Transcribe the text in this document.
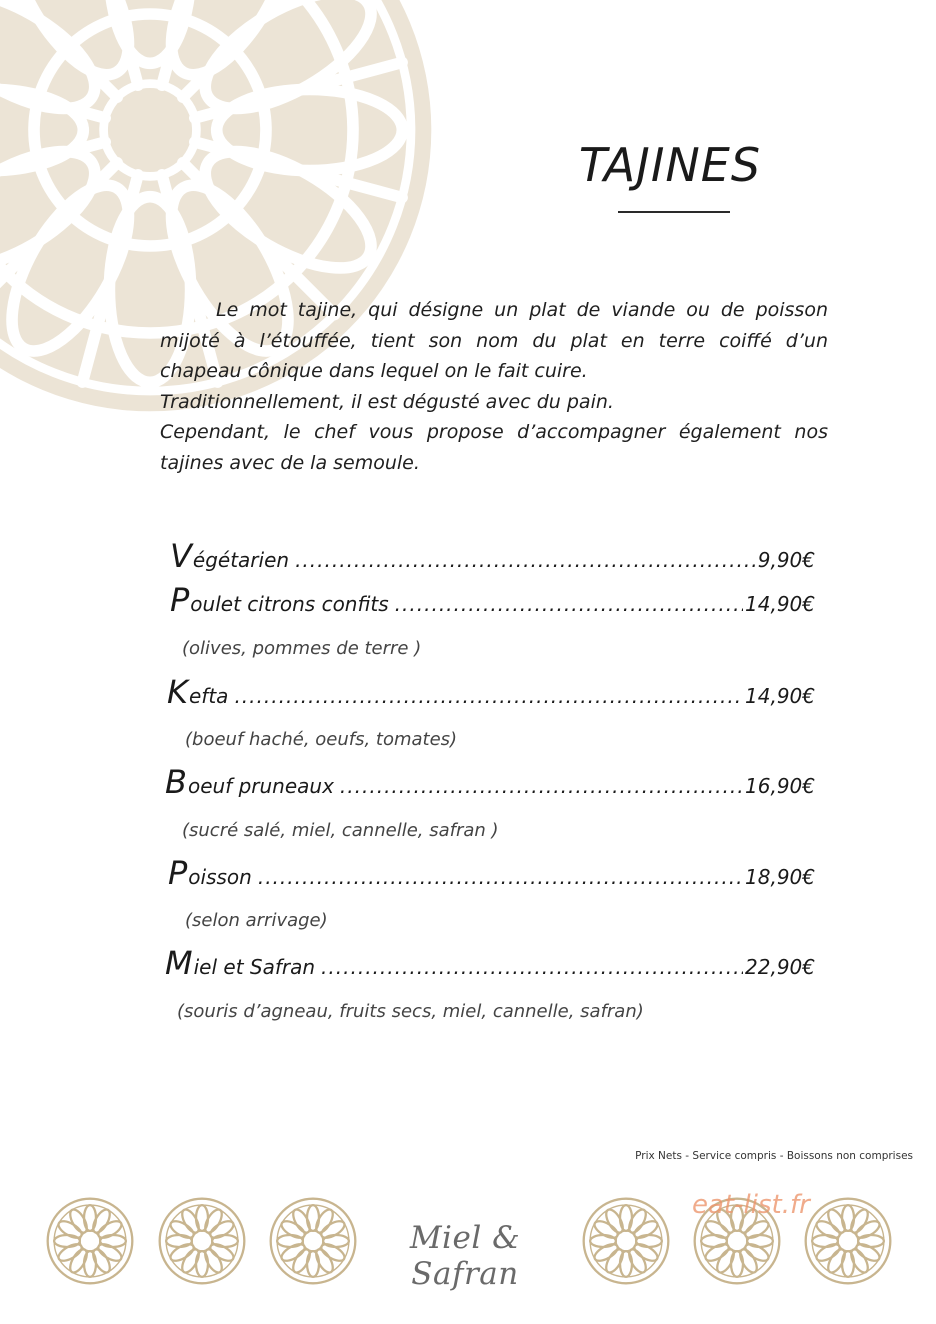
TAJINES

Le mot tajine, qui désigne un plat de viande ou de poisson mijoté à l’étouffée, tient son nom du plat en terre coiffé d’un chapeau cônique dans lequel on le fait cuire.

Traditionnellement, il est dégusté avec du pain.

Cependant, le chef vous propose d’accompagner également nos tajines avec de la semoule.

V égétarien .....	9,90€
P oulet citrons confits .....	14,90€
(olives, pommes de terre )
K efta .....	14,90€
(boeuf haché, oeufs, tomates)
B oeuf pruneaux .....	16,90€
(sucré salé, miel, cannelle, safran )
P oisson .....	18,90€
(selon arrivage)
M iel et Safran .....	22,90€
(souris d’agneau, fruits secs, miel, cannelle, safran)
Prix Nets - Service compris - Boissons non comprises
Miel & Safran
eat-list.fr
